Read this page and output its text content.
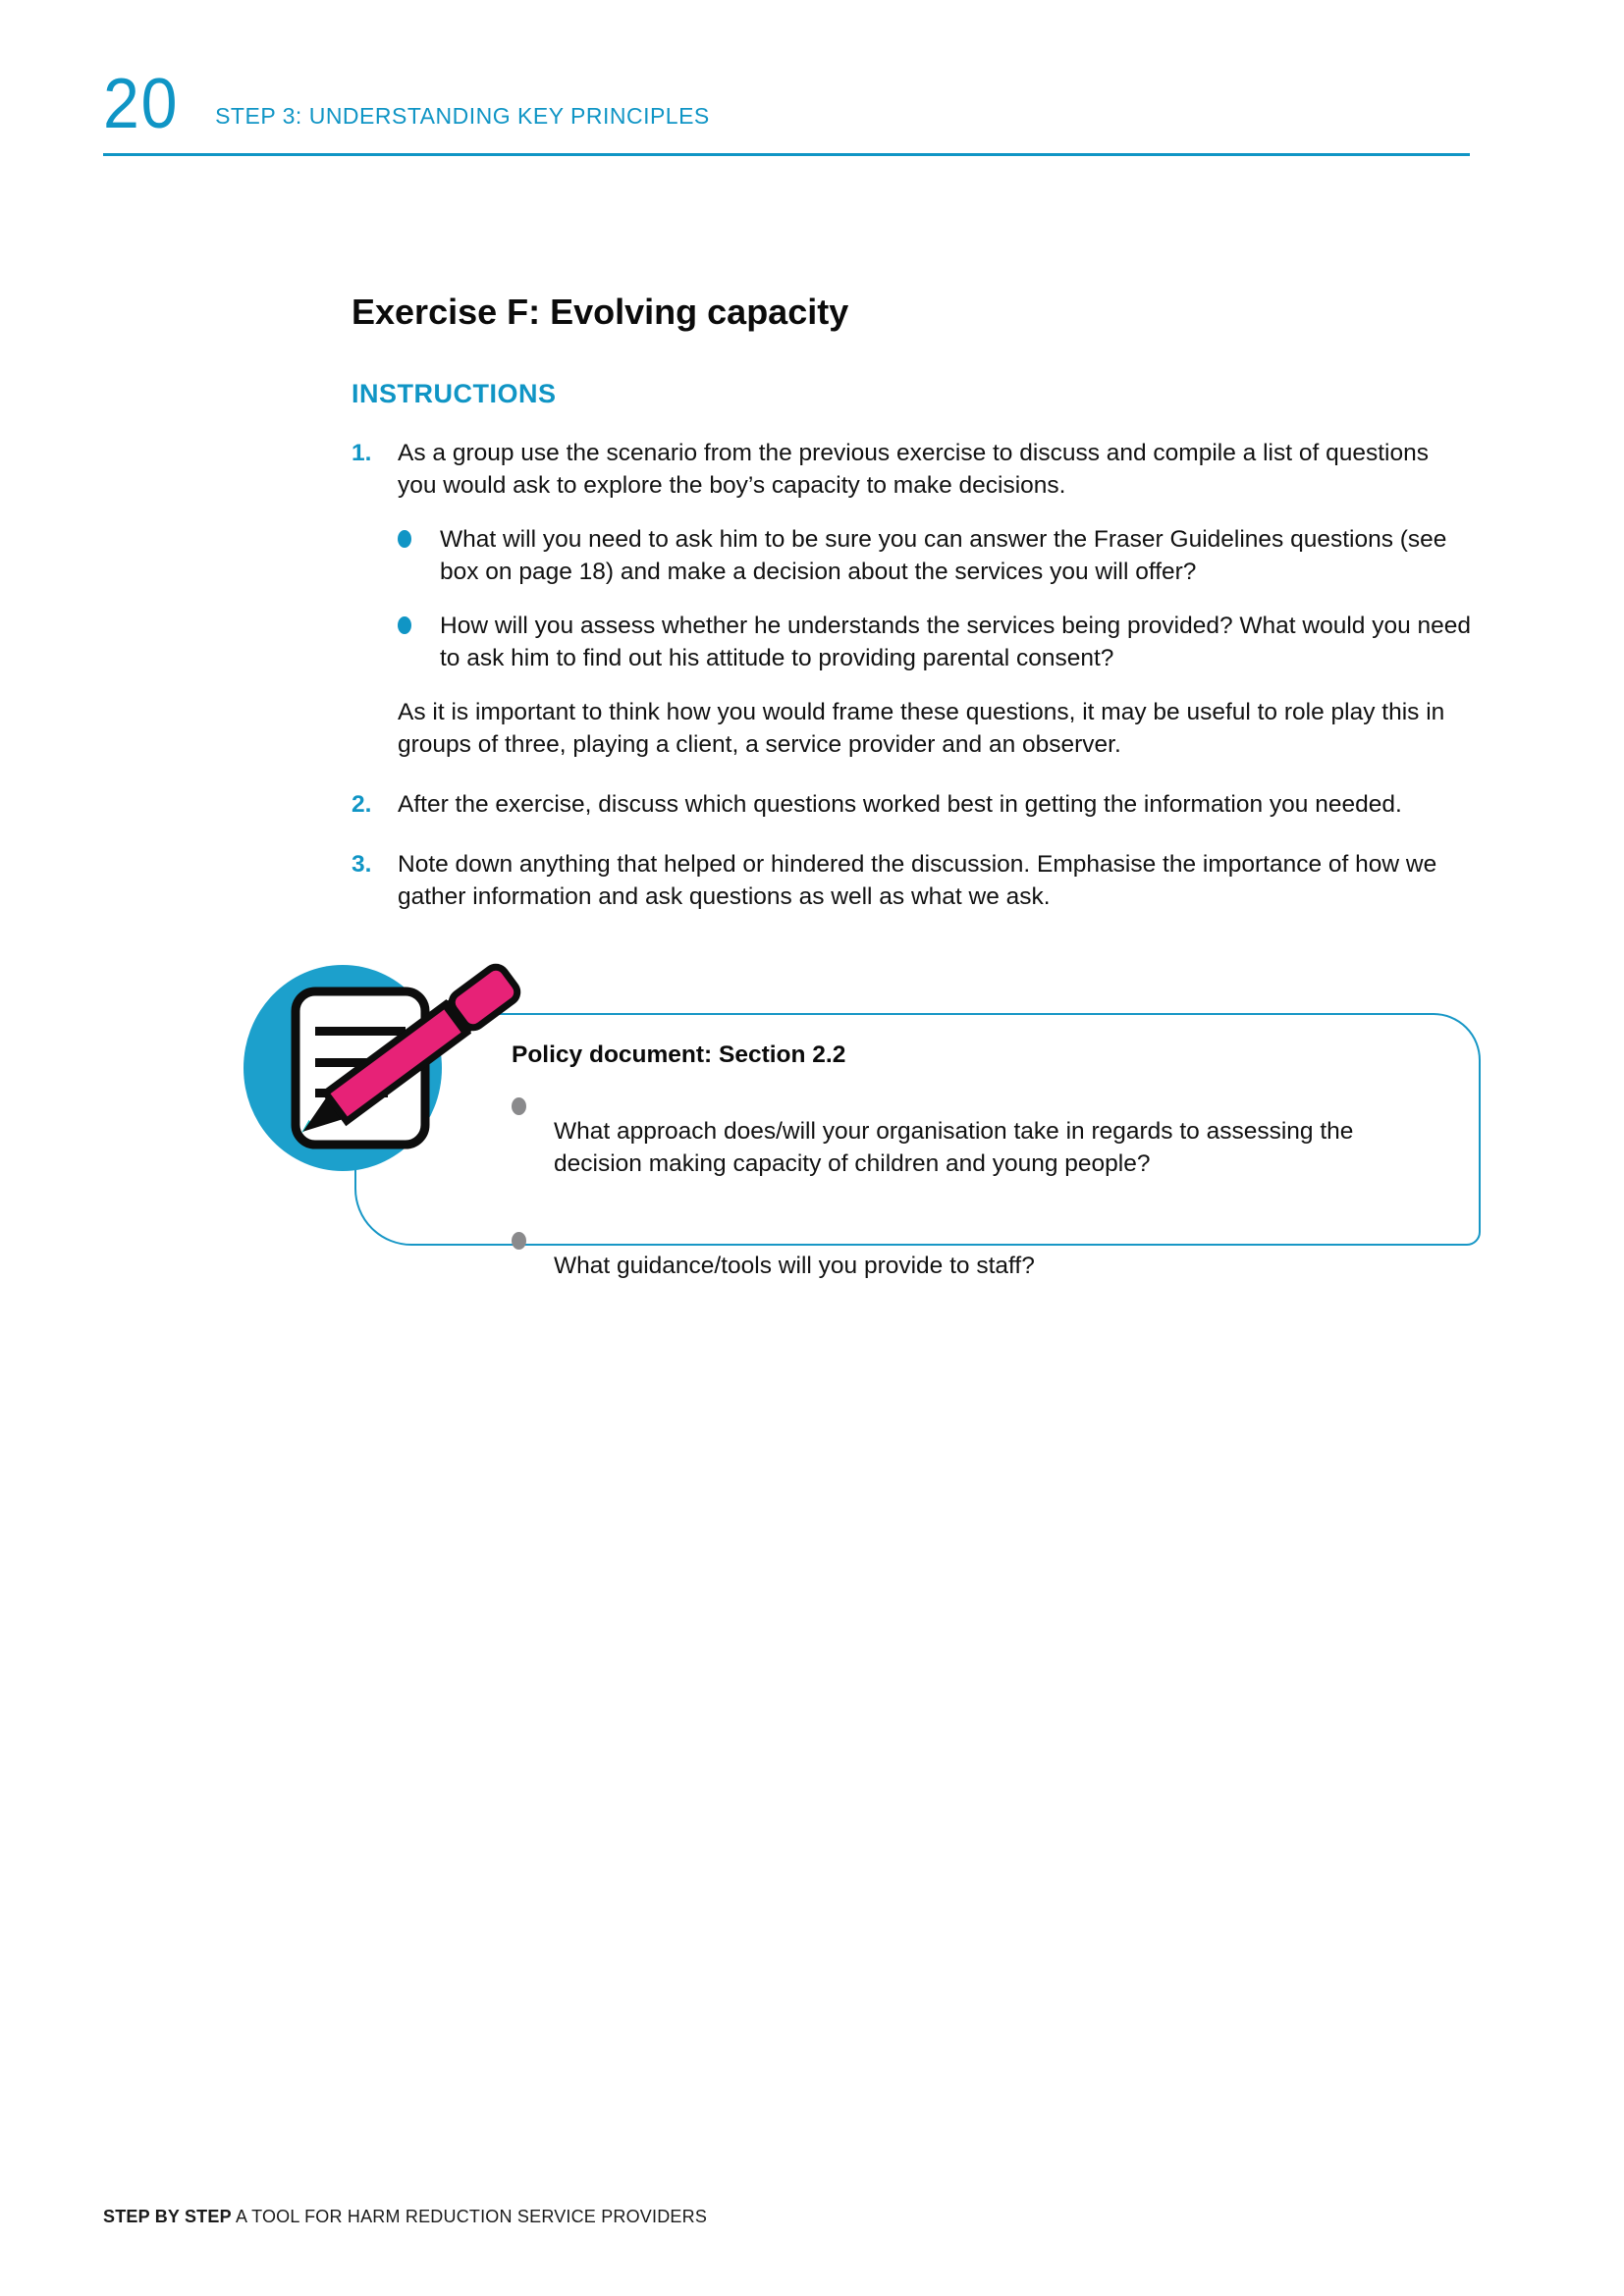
20 STEP 3: UNDERSTANDING KEY PRINCIPLES
Exercise F: Evolving capacity
INSTRUCTIONS
1.	As a group use the scenario from the previous exercise to discuss and compile a list of questions you would ask to explore the boy’s capacity to make decisions.

What will you need to ask him to be sure you can answer the Fraser Guidelines questions (see box on page 18) and make a decision about the services you will offer?

How will you assess whether he understands the services being provided? What would you need to ask him to find out his attitude to providing parental consent?

As it is important to think how you would frame these questions, it may be useful to role play this in groups of three, playing a client, a service provider and an observer.

2.	After the exercise, discuss which questions worked best in getting the information you needed.

3.	Note down anything that helped or hindered the discussion. Emphasise the importance of how we gather information and ask questions as well as what we ask.

Policy document: Section 2.2

What approach does/will your organisation take in regards to assessing the decision making capacity of children and young people?

What guidance/tools will you provide to staff?

STEP BY STEP A TOOL FOR HARM REDUCTION SERVICE PROVIDERS
